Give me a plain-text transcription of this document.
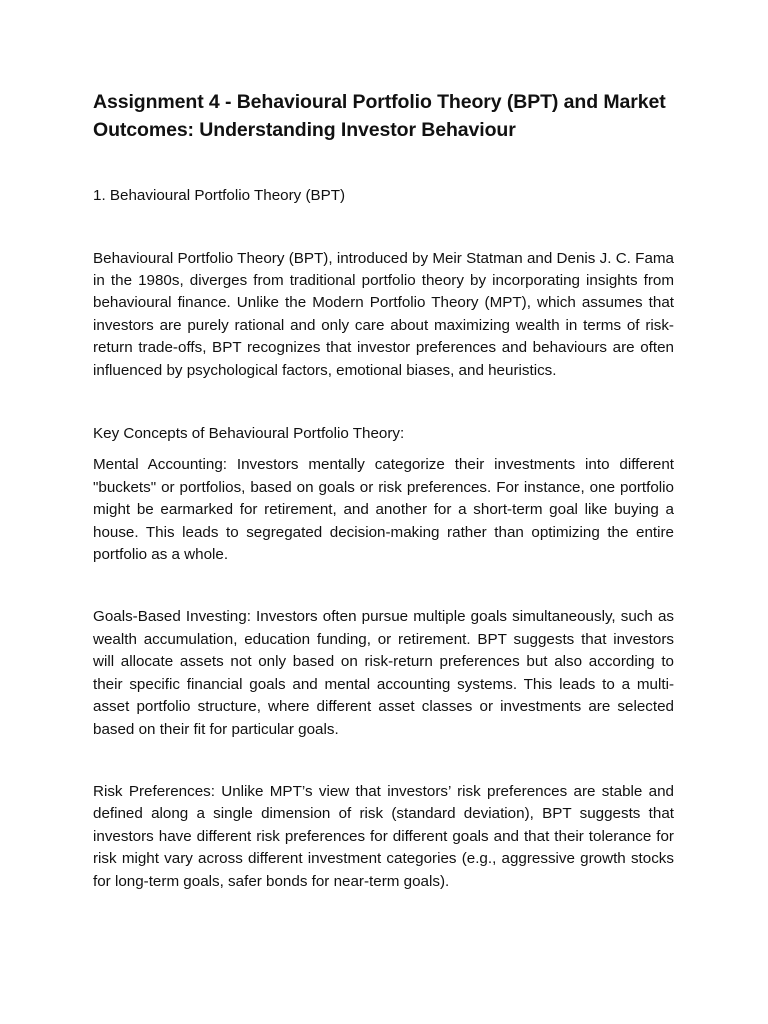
Assignment 4 - Behavioural Portfolio Theory (BPT) and Market Outcomes: Understanding Investor Behaviour
1. Behavioural Portfolio Theory (BPT)

Behavioural Portfolio Theory (BPT), introduced by Meir Statman and Denis J. C. Fama in the 1980s, diverges from traditional portfolio theory by incorporating insights from behavioural finance. Unlike the Modern Portfolio Theory (MPT), which assumes that investors are purely rational and only care about maximizing wealth in terms of risk-return trade-offs, BPT recognizes that investor preferences and behaviours are often influenced by psychological factors, emotional biases, and heuristics.

Key Concepts of Behavioural Portfolio Theory:

Mental Accounting: Investors mentally categorize their investments into different "buckets" or portfolios, based on goals or risk preferences. For instance, one portfolio might be earmarked for retirement, and another for a short-term goal like buying a house. This leads to segregated decision-making rather than optimizing the entire portfolio as a whole.

Goals-Based Investing: Investors often pursue multiple goals simultaneously, such as wealth accumulation, education funding, or retirement. BPT suggests that investors will allocate assets not only based on risk-return preferences but also according to their specific financial goals and mental accounting systems. This leads to a multi-asset portfolio structure, where different asset classes or investments are selected based on their fit for particular goals.

Risk Preferences: Unlike MPT’s view that investors’ risk preferences are stable and defined along a single dimension of risk (standard deviation), BPT suggests that investors have different risk preferences for different goals and that their tolerance for risk might vary across different investment categories (e.g., aggressive growth stocks for long-term goals, safer bonds for near-term goals).
